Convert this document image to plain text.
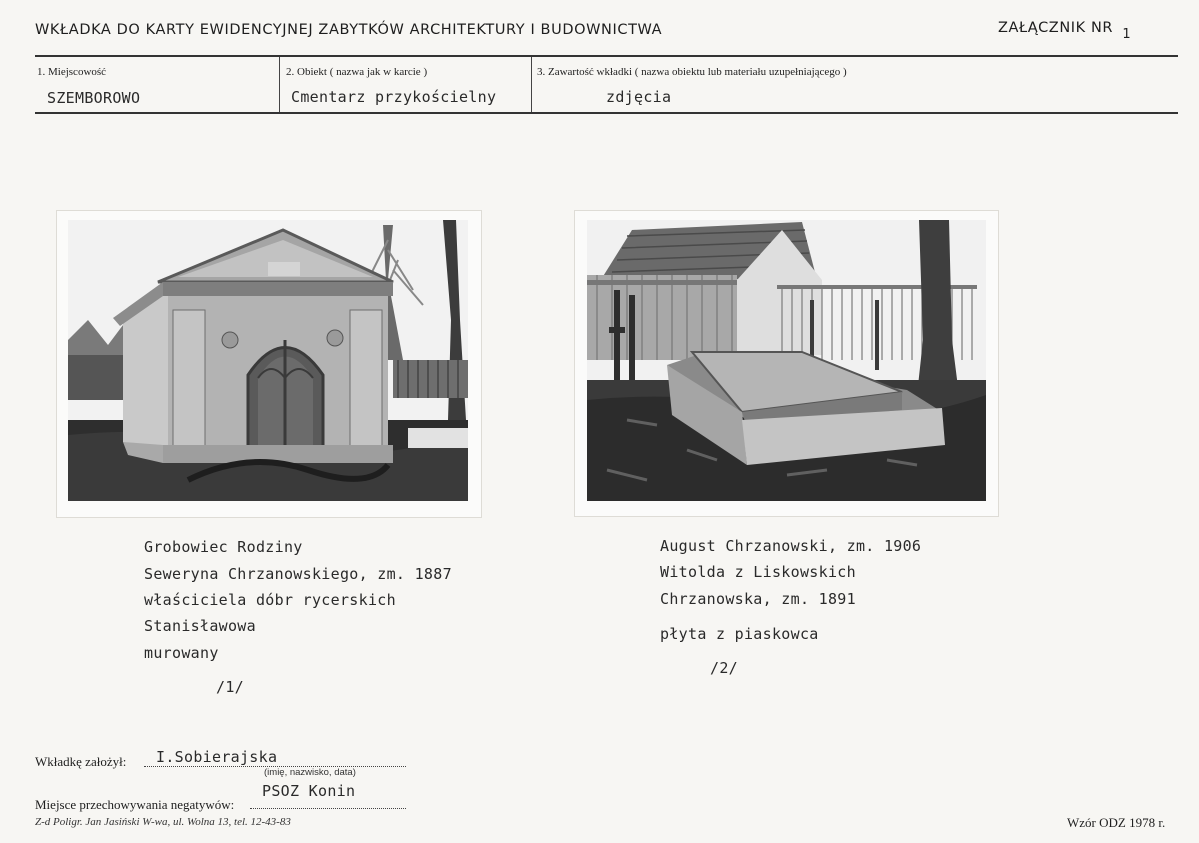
WKŁADKA DO KARTY EWIDENCYJNEJ ZABYTKÓW ARCHITEKTURY I BUDOWNICTWA	ZAŁĄCZNIK NR 1
1. Miejscowość
SZEMBOROWO
2. Obiekt ( nazwa jak w karcie )
Cmentarz przykościelny
3. Zawartość wkładki ( nazwa obiektu lub materiału uzupełniającego )
zdjęcia
Grobowiec Rodziny
Seweryna Chrzanowskiego, zm. 1887
właściciela dóbr rycerskich
Stanisławowa
murowany
/1/
August Chrzanowski, zm. 1906
Witolda z Liskowskich
Chrzanowska, zm. 1891
płyta z piaskowca
/2/
Wkładkę założył: I.Sobierajska
(imię, nazwisko, data)
Miejsce przechowywania negatywów:
PSOZ Konin
Z-d Poligr. Jan Jasiński W-wa, ul. Wolna 13, tel. 12-43-83	Wzór ODZ 1978 r.
